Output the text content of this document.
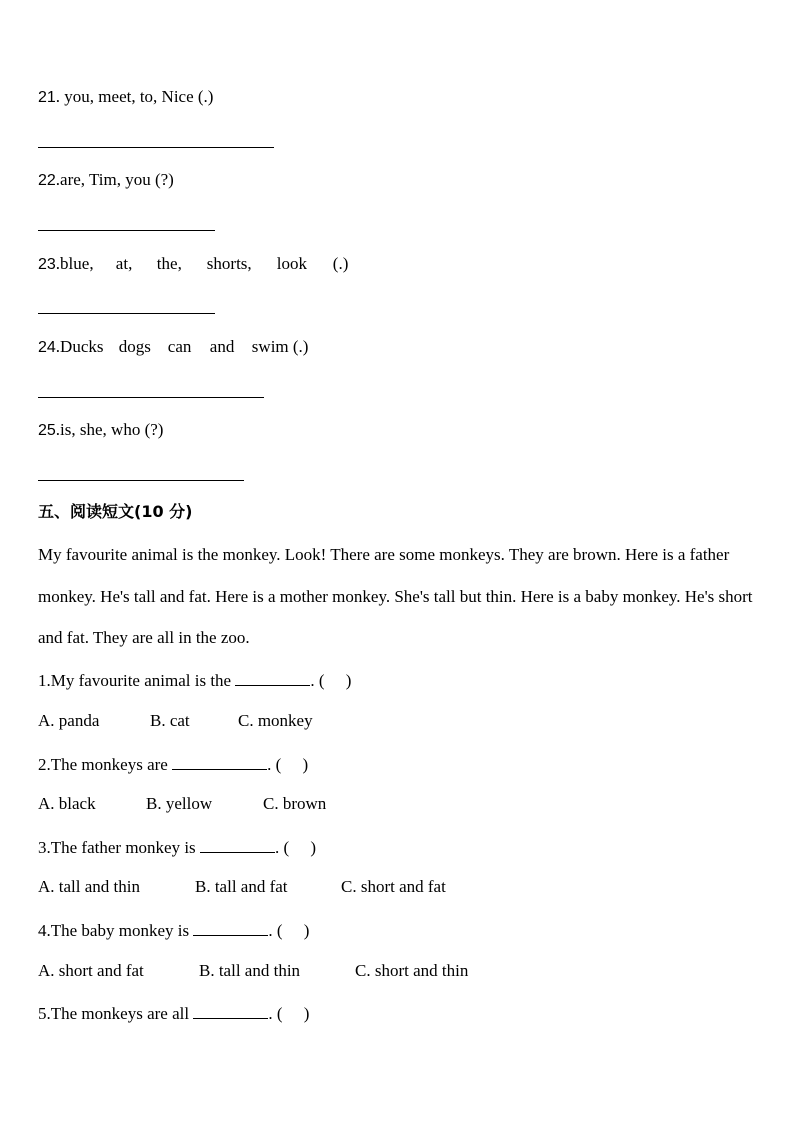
21. you, meet, to, Nice (.)
22.are, Tim, you (?)
23.blue, at, the, shorts, look (.)
24.Ducks dogs can and swim (.)
25.is, she, who (?)
五、阅读短文(10 分)
My favourite animal is the monkey. Look! There are some monkeys. They are brown. Here is a father monkey. He's tall and fat. Here is a mother monkey. She's tall but thin. Here is a baby monkey. He's short and fat. They are all in the zoo.
1.My favourite animal is the	. (     )
A. panda	B. cat	C. monkey
2.The monkeys are	. (     )
A. black	B. yellow	C. brown
3.The father monkey is	. (     )
A. tall and thin	B. tall and fat	C. short and fat
4.The baby monkey is	. (     )
A. short and fat	B. tall and thin	C. short and thin
5.The monkeys are all	. (     )
